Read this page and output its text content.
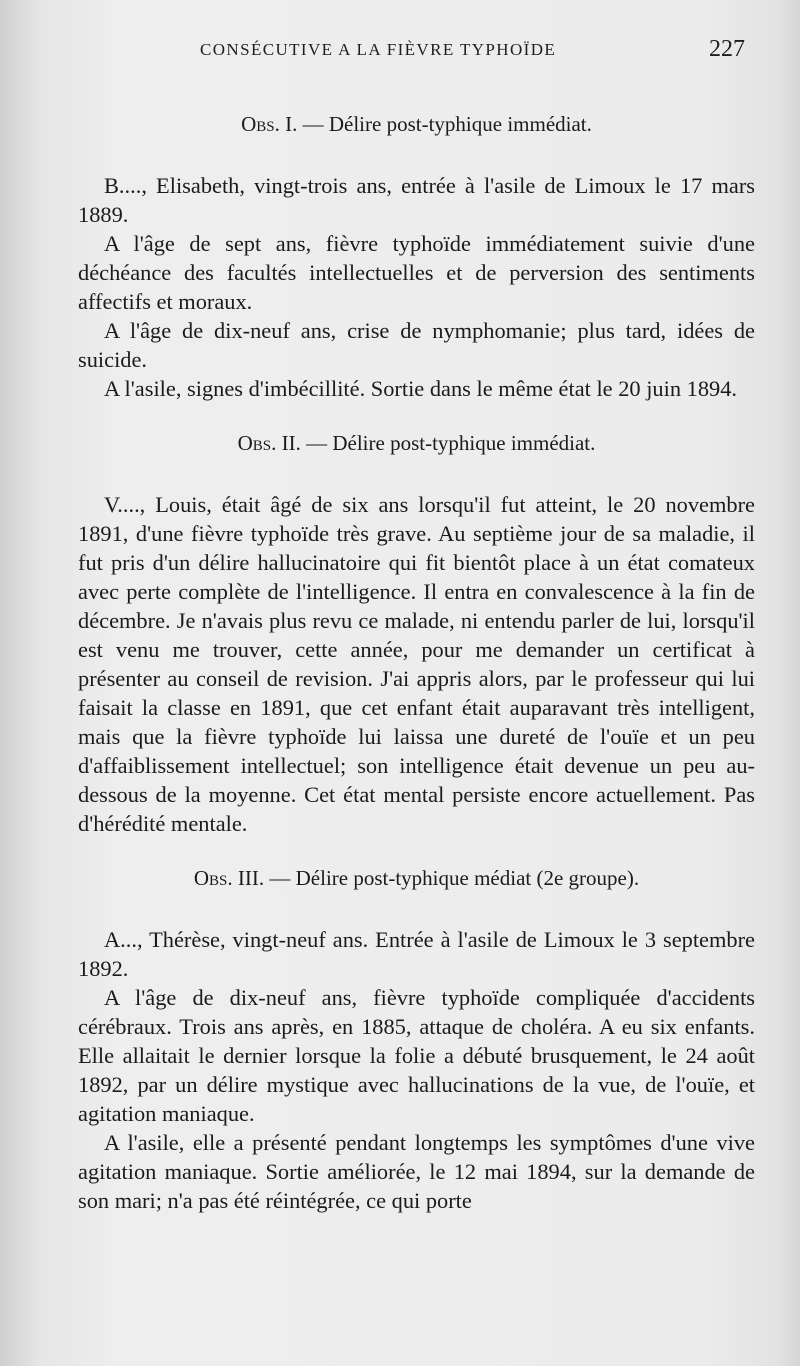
CONSÉCUTIVE A LA FIÈVRE TYPHOÏDE	227

Obs. I. — Délire post-typhique immédiat.

B...., Elisabeth, vingt-trois ans, entrée à l'asile de Limoux le 17 mars 1889.

A l'âge de sept ans, fièvre typhoïde immédiatement suivie d'une déchéance des facultés intellectuelles et de perversion des sentiments affectifs et moraux.

A l'âge de dix-neuf ans, crise de nymphomanie; plus tard, idées de suicide.

A l'asile, signes d'imbécillité. Sortie dans le même état le 20 juin 1894.

Obs. II. — Délire post-typhique immédiat.

V...., Louis, était âgé de six ans lorsqu'il fut atteint, le 20 novembre 1891, d'une fièvre typhoïde très grave. Au septième jour de sa maladie, il fut pris d'un délire hallucinatoire qui fit bientôt place à un état comateux avec perte complète de l'intelligence. Il entra en convalescence à la fin de décembre. Je n'avais plus revu ce malade, ni entendu parler de lui, lorsqu'il est venu me trouver, cette année, pour me demander un certificat à présenter au conseil de revision. J'ai appris alors, par le professeur qui lui faisait la classe en 1891, que cet enfant était auparavant très intelligent, mais que la fièvre typhoïde lui laissa une dureté de l'ouïe et un peu d'affaiblissement intellectuel; son intelligence était devenue un peu au-dessous de la moyenne. Cet état mental persiste encore actuellement. Pas d'hérédité mentale.

Obs. III. — Délire post-typhique médiat (2e groupe).

A..., Thérèse, vingt-neuf ans. Entrée à l'asile de Limoux le 3 septembre 1892.

A l'âge de dix-neuf ans, fièvre typhoïde compliquée d'accidents cérébraux. Trois ans après, en 1885, attaque de choléra. A eu six enfants. Elle allaitait le dernier lorsque la folie a débuté brusquement, le 24 août 1892, par un délire mystique avec hallucinations de la vue, de l'ouïe, et agitation maniaque.

A l'asile, elle a présenté pendant longtemps les symptômes d'une vive agitation maniaque. Sortie améliorée, le 12 mai 1894, sur la demande de son mari; n'a pas été réintégrée, ce qui porte
